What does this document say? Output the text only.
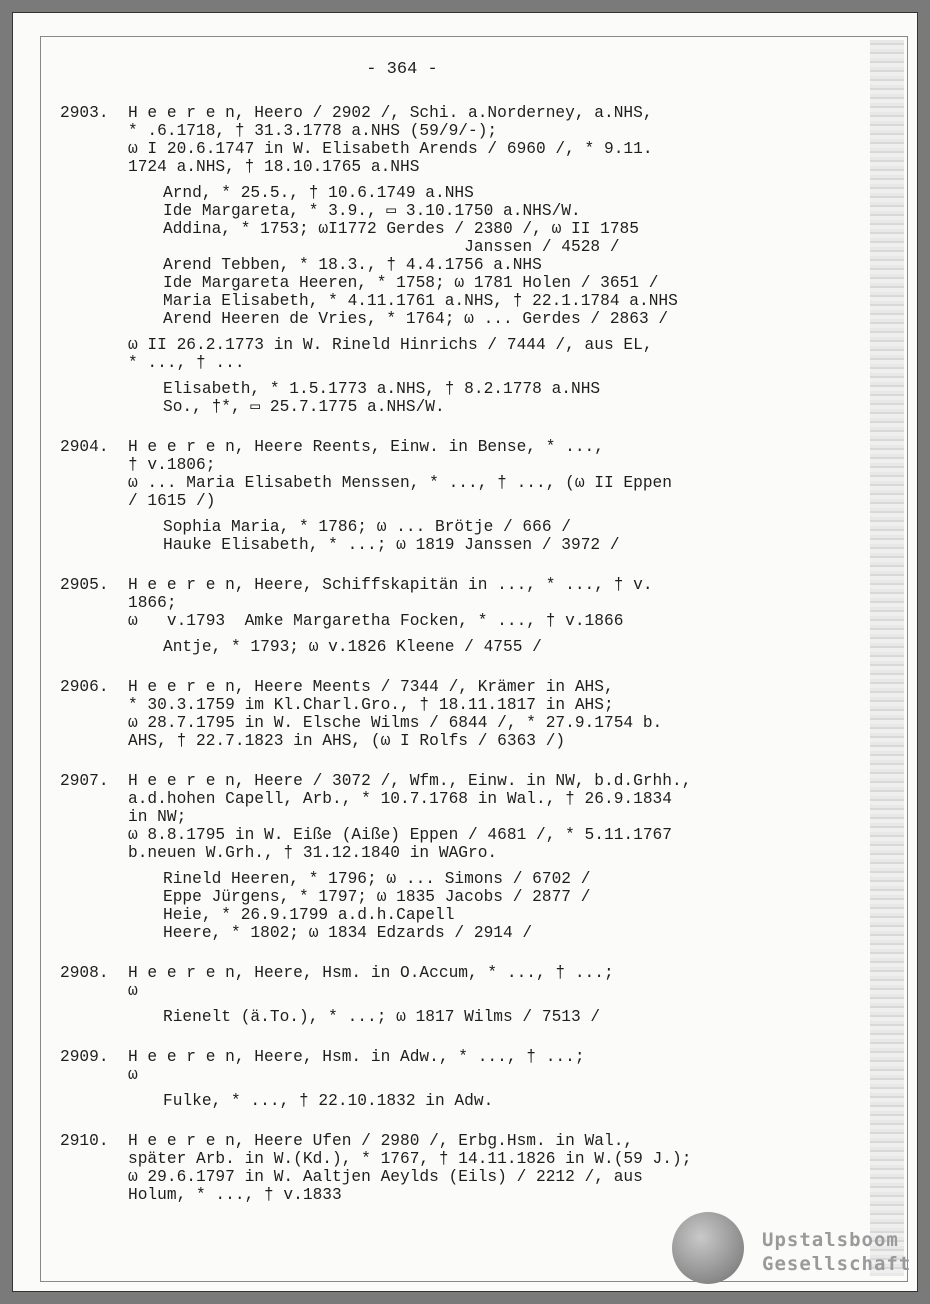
- 364 -
2903. H e e r e n, Heero / 2902 /, Schi. a.Norderney, a.NHS,
* .6.1718, † 31.3.1778 a.NHS (59/9/-);
ω I 20.6.1747 in W. Elisabeth Arends / 6960 /, * 9.11.
1724 a.NHS, † 18.10.1765 a.NHS
Arnd, * 25.5., † 10.6.1749 a.NHS
Ide Margareta, * 3.9., ▭ 3.10.1750 a.NHS/W.
Addina, * 1753; ωI1772 Gerdes / 2380 /, ω II 1785
Janssen / 4528 /
Arend Tebben, * 18.3., † 4.4.1756 a.NHS
Ide Margareta Heeren, * 1758; ω 1781 Holen / 3651 /
Maria Elisabeth, * 4.11.1761 a.NHS, † 22.1.1784 a.NHS
Arend Heeren de Vries, * 1764; ω ... Gerdes / 2863 /
ω II 26.2.1773 in W. Rineld Hinrichs / 7444 /, aus EL,
* ..., † ...
Elisabeth, * 1.5.1773 a.NHS, † 8.2.1778 a.NHS
So., †*, ▭ 25.7.1775 a.NHS/W.
2904. H e e r e n, Heere Reents, Einw. in Bense, * ...,
† v.1806;
ω ... Maria Elisabeth Menssen, * ..., † ..., (ω II Eppen
/ 1615 /)
Sophia Maria, * 1786; ω ... Brötje / 666 /
Hauke Elisabeth, * ...; ω 1819 Janssen / 3972 /
2905. H e e r e n, Heere, Schiffskapitän in ..., * ..., † v.
1866;
ω   v.1793  Amke Margaretha Focken, * ..., † v.1866
Antje, * 1793; ω v.1826 Kleene / 4755 /
2906. H e e r e n, Heere Meents / 7344 /, Krämer in AHS,
* 30.3.1759 im Kl.Charl.Gro., † 18.11.1817 in AHS;
ω 28.7.1795 in W. Elsche Wilms / 6844 /, * 27.9.1754 b.
AHS, † 22.7.1823 in AHS, (ω I Rolfs / 6363 /)
2907. H e e r e n, Heere / 3072 /, Wfm., Einw. in NW, b.d.Grhh.,
a.d.hohen Capell, Arb., * 10.7.1768 in Wal., † 26.9.1834
in NW;
ω 8.8.1795 in W. Eiße (Aiße) Eppen / 4681 /, * 5.11.1767
b.neuen W.Grh., † 31.12.1840 in WAGro.
Rineld Heeren, * 1796; ω ... Simons / 6702 /
Eppe Jürgens, * 1797; ω 1835 Jacobs / 2877 /
Heie, * 26.9.1799 a.d.h.Capell
Heere, * 1802; ω 1834 Edzards / 2914 /
2908. H e e r e n, Heere, Hsm. in O.Accum, * ..., † ...;
ω
Rienelt (ä.To.), * ...; ω 1817 Wilms / 7513 /
2909. H e e r e n, Heere, Hsm. in Adw., * ..., † ...;
ω
Fulke, * ..., † 22.10.1832 in Adw.
2910. H e e r e n, Heere Ufen / 2980 /, Erbg.Hsm. in Wal.,
später Arb. in W.(Kd.), * 1767, † 14.11.1826 in W.(59 J.);
ω 29.6.1797 in W. Aaltjen Aeylds (Eils) / 2212 /, aus
Holum, * ..., † v.1833
Upstalsboom
Gesellschaft
